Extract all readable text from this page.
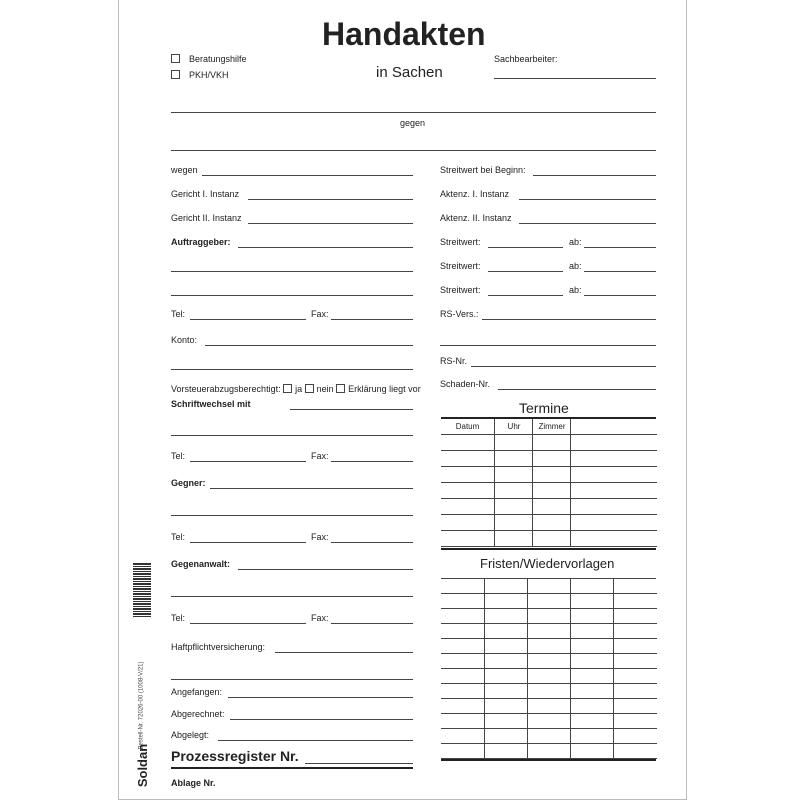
Handakten
Beratungshilfe
PKH/VKH	in Sachen
Sachbearbeiter:
gegen
wegen
Gericht I. Instanz
Gericht II. Instanz
Auftraggeber:
Tel:	Fax:
Konto:
Schriftwechsel mit
Tel:	Fax:
Gegner:
Tel:	Fax:
Gegenanwalt:
Tel:	Fax:
Haftpflichtversicherung:
Angefangen:
Abgerechnet:
Abgelegt:
Streitwert bei Beginn:
Aktenz. I. Instanz
Aktenz. II. Instanz
RS-Vers.:
RS-Nr.
Schaden-Nr.
Streitwert:	ab:
Streitwert:	ab:
Streitwert:	ab:
Vorsteuerabzugsberechtigt: ja nein Erklärung liegt vor
Prozessregister Nr.
Ablage Nr.
Termine
Datum	Uhr	Zimmer
Fristen/Wiedervorlagen
Bestell-Nr. 72026-00 (1008-V/21)
Soldan
